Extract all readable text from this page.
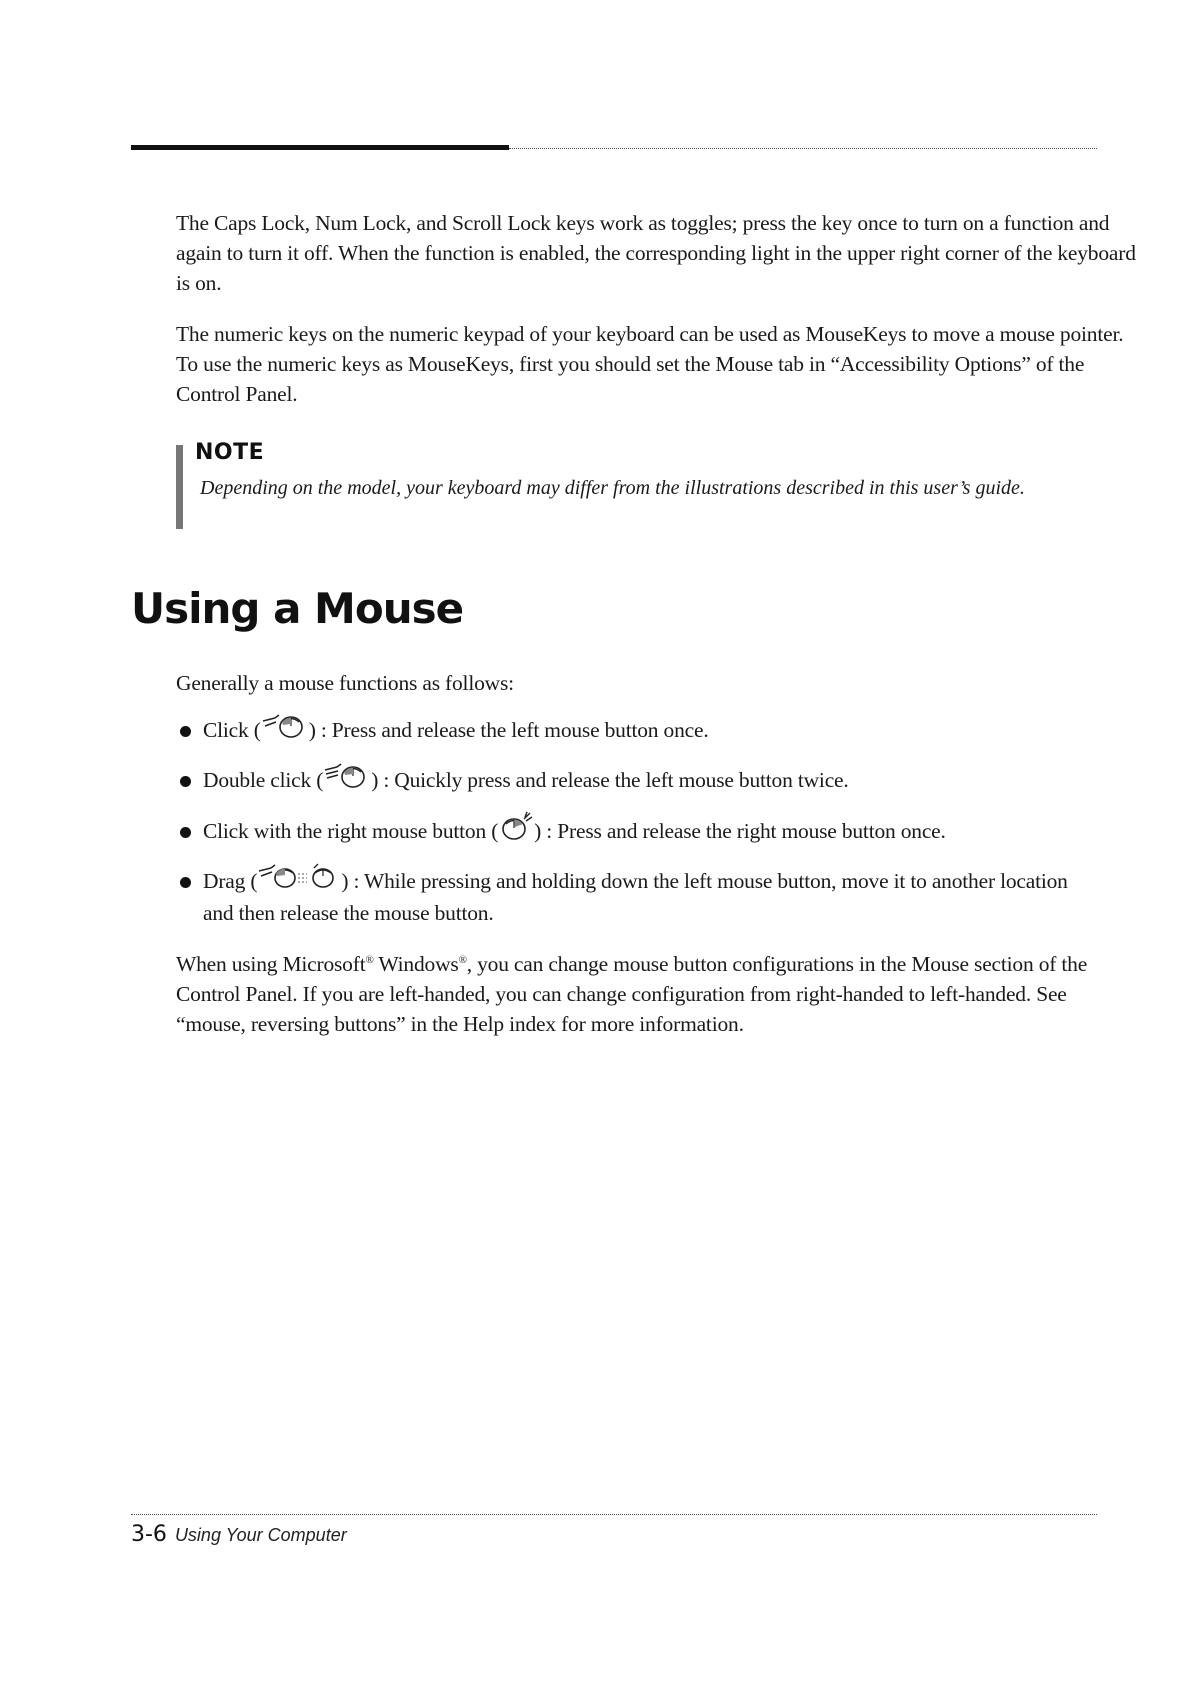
The Caps Lock, Num Lock, and Scroll Lock keys work as toggles; press the key once to turn on a function and again to turn it off. When the function is enabled, the corresponding light in the upper right corner of the keyboard is on.

The numeric keys on the numeric keypad of your keyboard can be used as MouseKeys to move a mouse pointer. To use the numeric keys as MouseKeys, first you should set the Mouse tab in “Accessibility Options” of the Control Panel.

NOTE
Depending on the model, your keyboard may differ from the illustrations described in this user’s guide.
Using a Mouse

Generally a mouse functions as follows:

Click ( ) : Press and release the left mouse button once.
Double click ( ) : Quickly press and release the left mouse button twice.
Click with the right mouse button ( ) : Press and release the right mouse button once.
Drag (	) : While pressing and holding down the left mouse button, move it to another location and then release the mouse button.

When using Microsoft® Windows®, you can change mouse button configurations in the Mouse section of the Control Panel. If you are left-handed, you can change configuration from right-handed to left-handed. See “mouse, reversing buttons” in the Help index for more information.

3-6 Using Your Computer
